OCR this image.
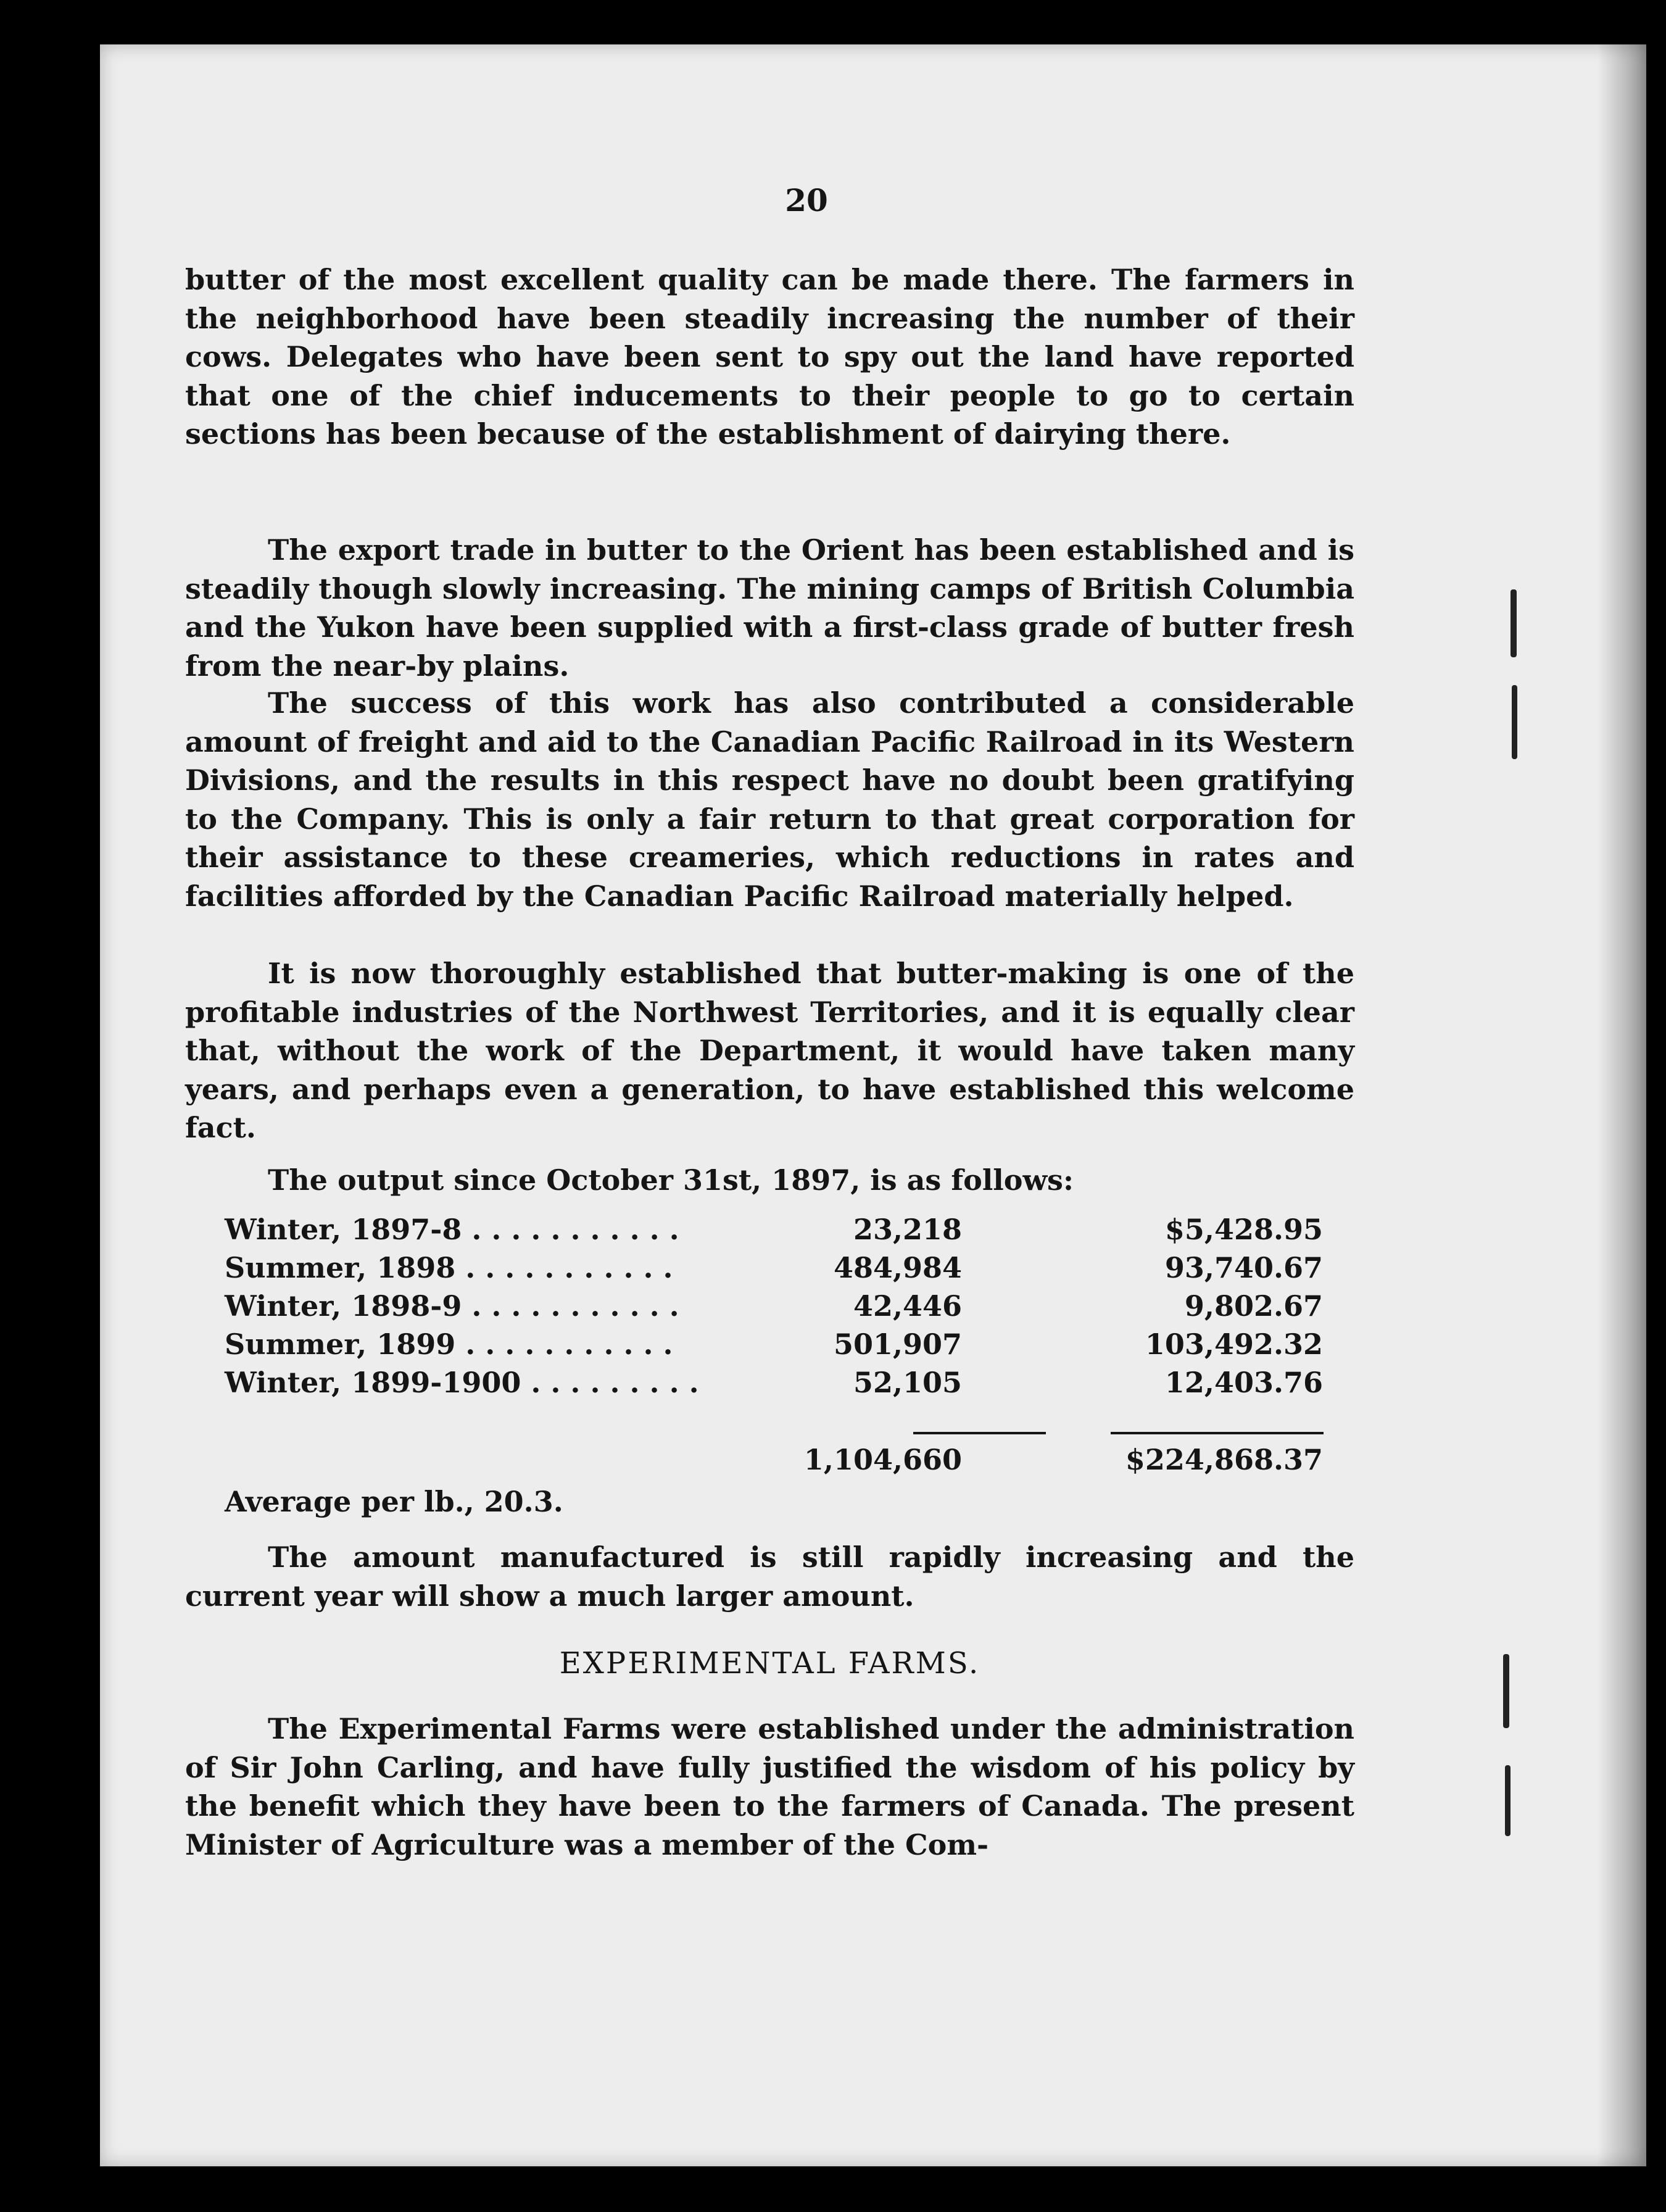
20
butter of the most excellent quality can be made there. The farmers in the neighborhood have been steadily increasing the number of their cows. Delegates who have been sent to spy out the land have reported that one of the chief inducements to their people to go to certain sections has been because of the establishment of dairying there.
The export trade in butter to the Orient has been established and is steadily though slowly increasing. The mining camps of British Columbia and the Yukon have been supplied with a first-class grade of butter fresh from the near-by plains.
The success of this work has also contributed a considerable amount of freight and aid to the Canadian Pacific Railroad in its Western Divisions, and the results in this respect have no doubt been gratifying to the Company. This is only a fair return to that great corporation for their assistance to these creameries, which reductions in rates and facilities afforded by the Canadian Pacific Railroad materially helped.
It is now thoroughly established that butter-making is one of the profitable industries of the Northwest Territories, and it is equally clear that, without the work of the Department, it would have taken many years, and perhaps even a generation, to have established this welcome fact.
The output since October 31st, 1897, is as follows:
Winter, 1897-8 . . . . . . . . . . .	23,218	$5,428.95
Summer, 1898 . . . . . . . . . . .	484,984	93,740.67
Winter, 1898-9 . . . . . . . . . . .	42,446	9,802.67
Summer, 1899 . . . . . . . . . . .	501,907	103,492.32
Winter, 1899-1900 . . . . . . . . .	52,105	12,403.76
1,104,660	$224,868.37
Average per lb., 20.3.
The amount manufactured is still rapidly increasing and the current year will show a much larger amount.
EXPERIMENTAL FARMS.
The Experimental Farms were established under the administration of Sir John Carling, and have fully justified the wisdom of his policy by the benefit which they have been to the farmers of Canada. The present Minister of Agriculture was a member of the Com-
